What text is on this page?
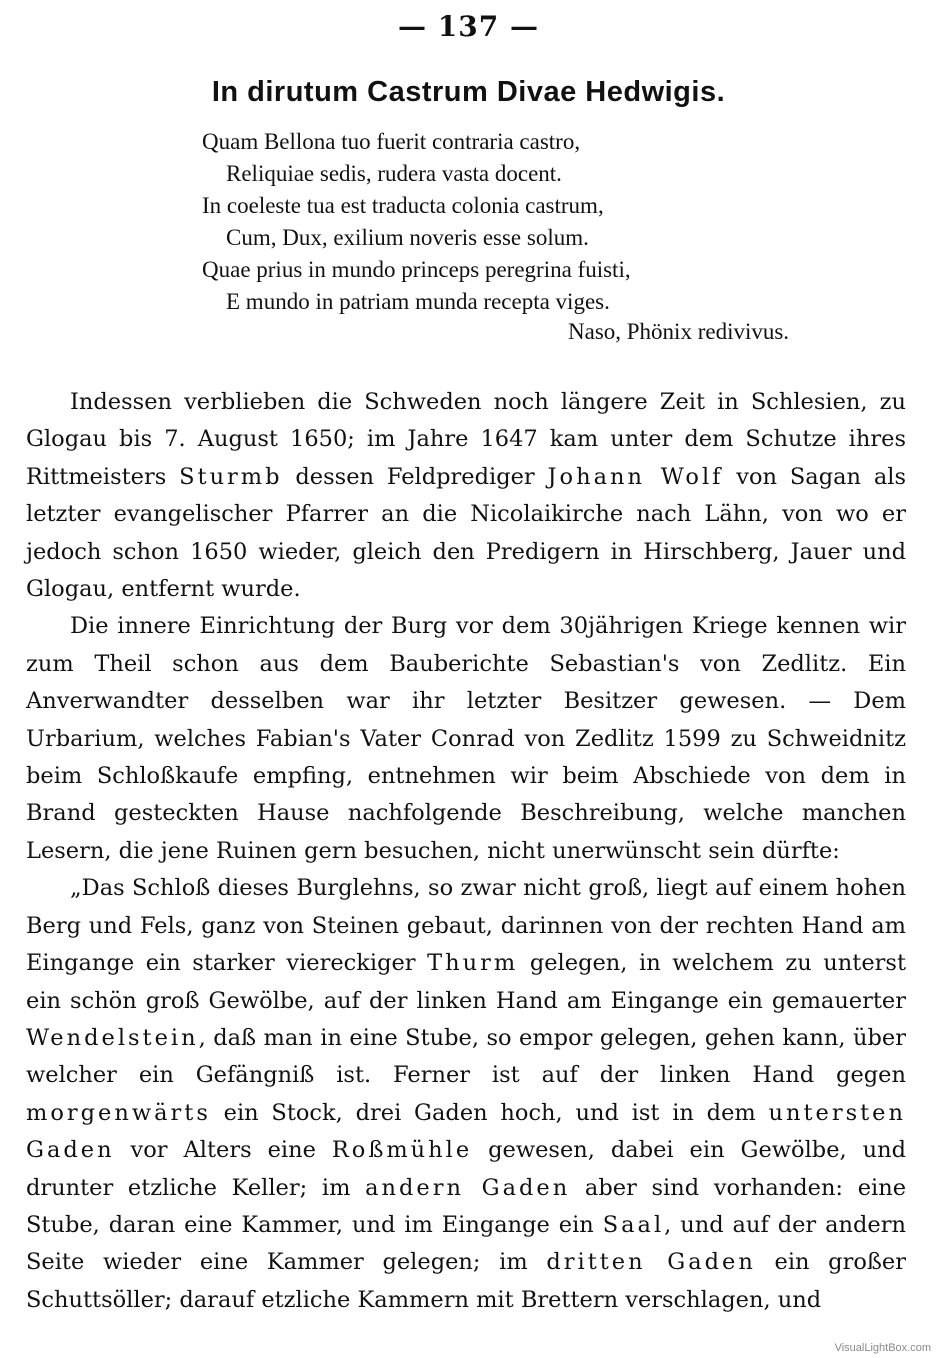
— 137 —
In dirutum Castrum Divae Hedwigis.
Quam Bellona tuo fuerit contraria castro,
Reliquiae sedis, rudera vasta docent.
In coeleste tua est traducta colonia castrum,
Cum, Dux, exilium noveris esse solum.
Quae prius in mundo princeps peregrina fuisti,
E mundo in patriam munda recepta viges.
Naso, Phönix redivivus.

Indessen verblieben die Schweden noch längere Zeit in Schlesien, zu Glogau bis 7. August 1650; im Jahre 1647 kam unter dem Schutze ihres Rittmeisters Sturmb dessen Feldprediger Johann Wolf von Sagan als letzter evangelischer Pfarrer an die Nicolaikirche nach Lähn, von wo er jedoch schon 1650 wieder, gleich den Predigern in Hirschberg, Jauer und Glogau, entfernt wurde.

Die innere Einrichtung der Burg vor dem 30jährigen Kriege kennen wir zum Theil schon aus dem Bauberichte Sebastian's von Zedlitz. Ein Anverwandter desselben war ihr letzter Besitzer gewesen. — Dem Urbarium, welches Fabian's Vater Conrad von Zedlitz 1599 zu Schweidnitz beim Schloßkaufe empfing, entnehmen wir beim Abschiede von dem in Brand gesteckten Hause nachfolgende Beschreibung, welche manchen Lesern, die jene Ruinen gern besuchen, nicht unerwünscht sein dürfte:

„Das Schloß dieses Burglehns, so zwar nicht groß, liegt auf einem hohen Berg und Fels, ganz von Steinen gebaut, darinnen von der rechten Hand am Eingange ein starker viereckiger Thurm gelegen, in welchem zu unterst ein schön groß Gewölbe, auf der linken Hand am Eingange ein gemauerter Wendelstein, daß man in eine Stube, so empor gelegen, gehen kann, über welcher ein Gefängniß ist. Ferner ist auf der linken Hand gegen morgenwärts ein Stock, drei Gaden hoch, und ist in dem untersten Gaden vor Alters eine Roßmühle gewesen, dabei ein Gewölbe, und drunter etzliche Keller; im andern Gaden aber sind vorhanden: eine Stube, daran eine Kammer, und im Eingange ein Saal, und auf der andern Seite wieder eine Kammer gelegen; im dritten Gaden ein großer Schuttsöller; darauf etzliche Kammern mit Brettern verschlagen, und

VisualLightBox.com
